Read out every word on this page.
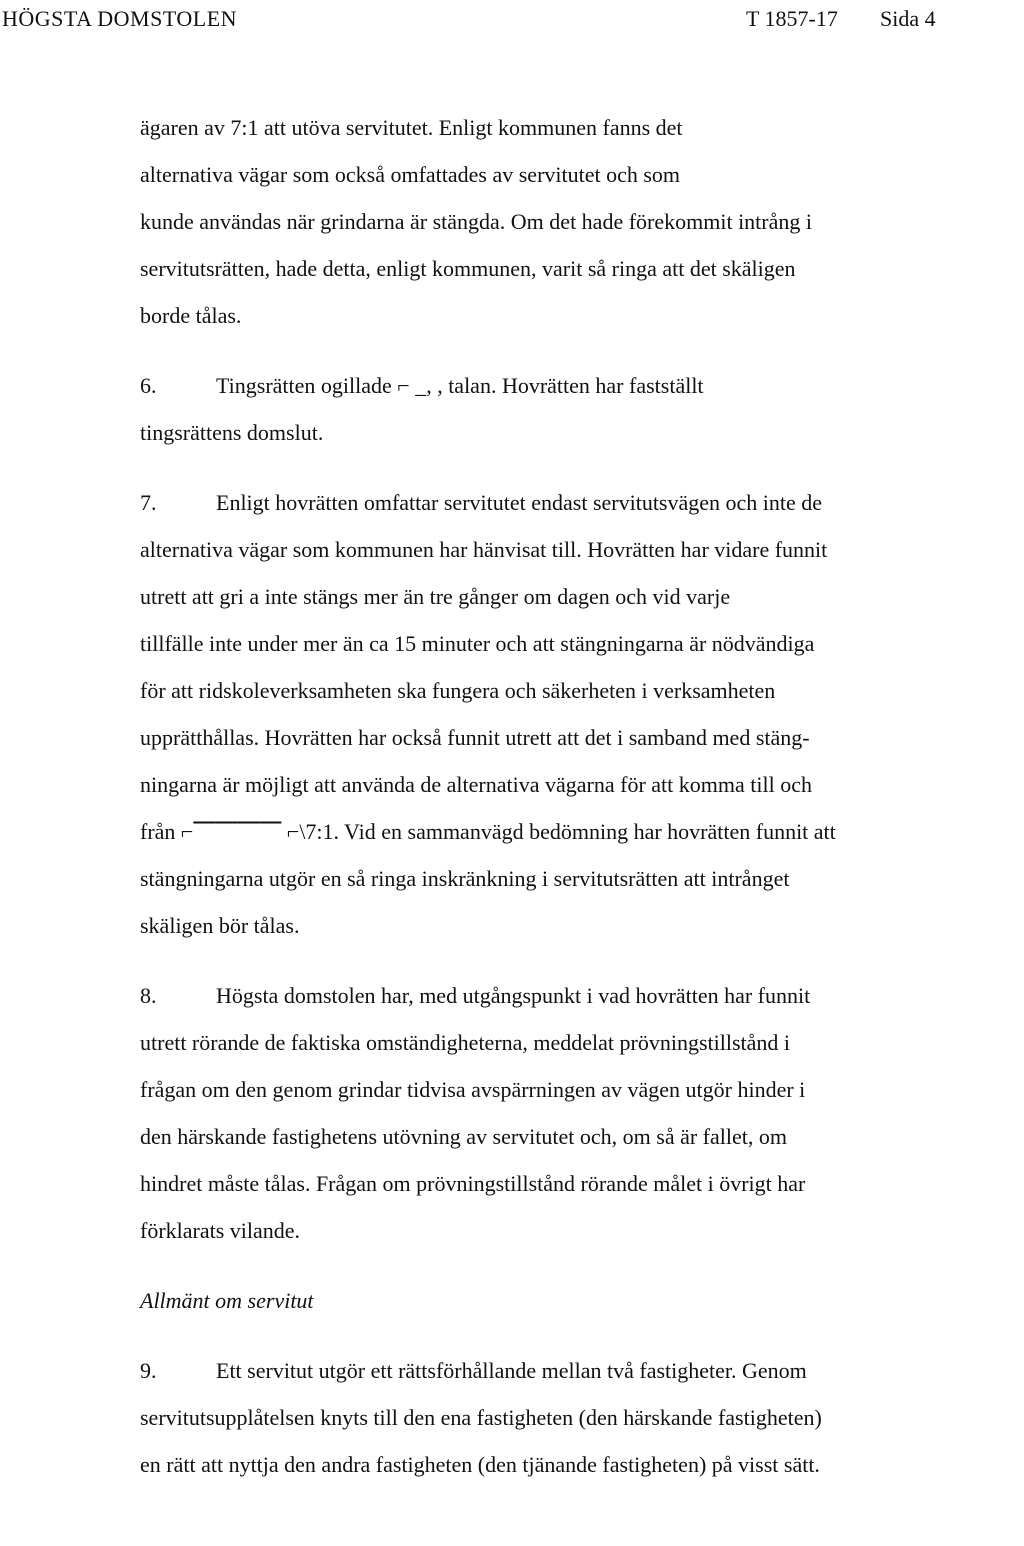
HÖGSTA DOMSTOLEN	T 1857-17 Sida 4
ägaren av 7:1 att utöva servitutet. Enligt kommunen fanns det
alternativa vägar som också omfattades av servitutet och som
kunde användas när grindarna är stängda. Om det hade förekommit intrång i
servitutsrätten, hade detta, enligt kommunen, varit så ringa att det skäligen
borde tålas.
6.	Tingsrätten ogillade ⌐ _, , talan. Hovrätten har fastställt
tingsrättens domslut.
7.	Enligt hovrätten omfattar servitutet endast servitutsvägen och inte de
alternativa vägar som kommunen har hänvisat till. Hovrätten har vidare funnit
utrett att gri a inte stängs mer än tre gånger om dagen och vid varje
tillfälle inte under mer än ca 15 minuter och att stängningarna är nödvändiga
för att ridskoleverksamheten ska fungera och säkerheten i verksamheten
upprätthållas. Hovrätten har också funnit utrett att det i samband med stäng-
ningarna är möjligt att använda de alternativa vägarna för att komma till och
från ⌐⎺⎺⎺⎺ ⌐\7:1. Vid en sammanvägd bedömning har hovrätten funnit att
stängningarna utgör en så ringa inskränkning i servitutsrätten att intrånget
skäligen bör tålas.
8.	Högsta domstolen har, med utgångspunkt i vad hovrätten har funnit
utrett rörande de faktiska omständigheterna, meddelat prövningstillstånd i
frågan om den genom grindar tidvisa avspärrningen av vägen utgör hinder i
den härskande fastighetens utövning av servitutet och, om så är fallet, om
hindret måste tålas. Frågan om prövningstillstånd rörande målet i övrigt har
förklarats vilande.
Allmänt om servitut
9.	Ett servitut utgör ett rättsförhållande mellan två fastigheter. Genom
servitutsupplåtelsen knyts till den ena fastigheten (den härskande fastigheten)
en rätt att nyttja den andra fastigheten (den tjänande fastigheten) på visst sätt.
